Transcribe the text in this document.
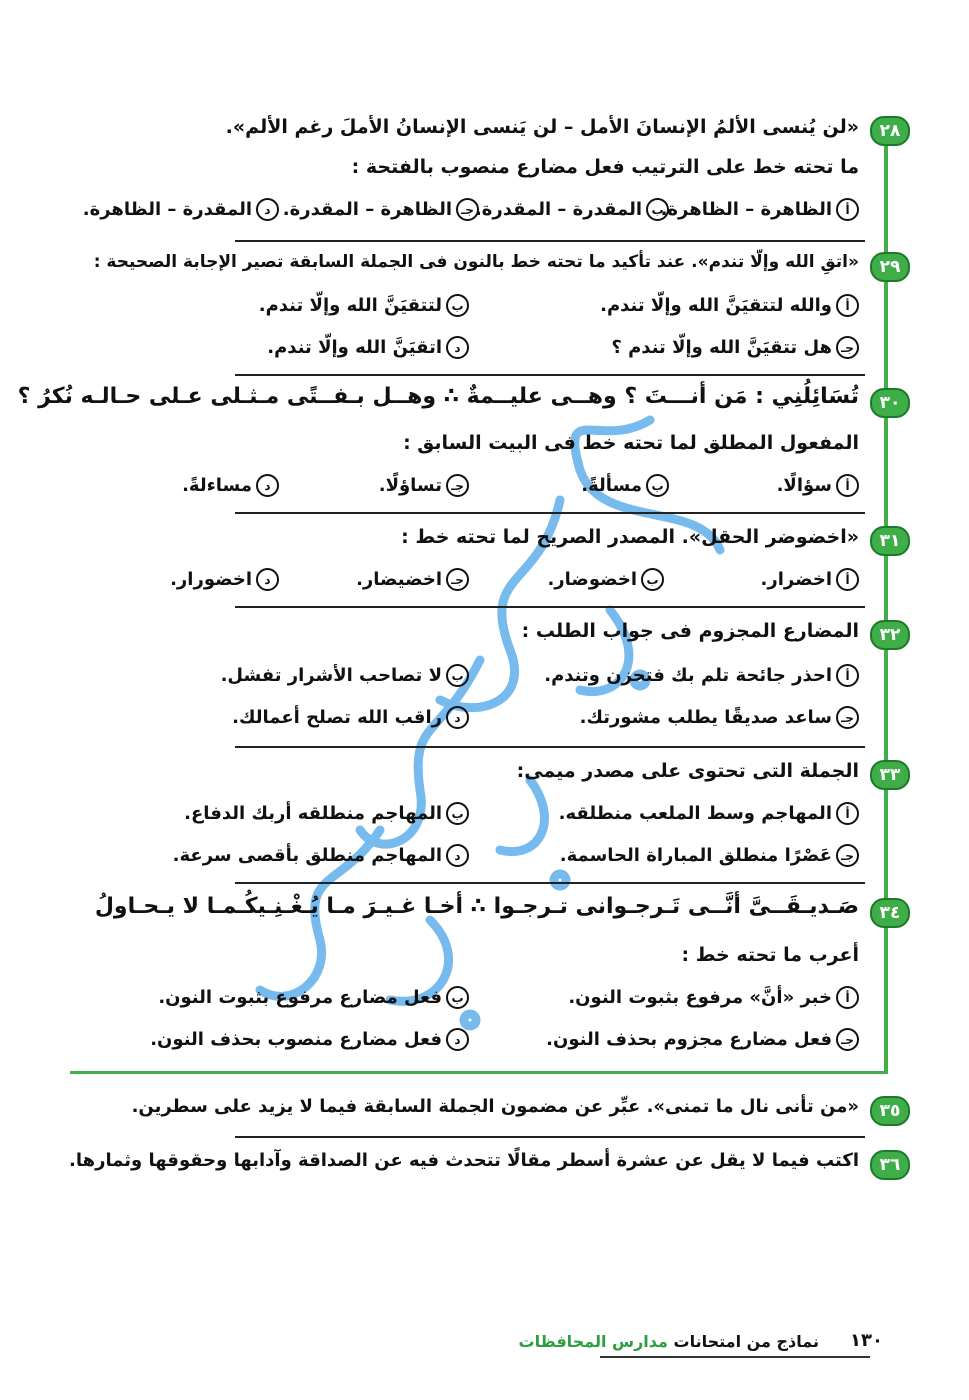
٢٨
«لن يُنسى الألمُ الإنسانَ الأمل – لن يَنسى الإنسانُ الأملَ رغم الألم».
ما تحته خط على الترتيب فعل مضارع منصوب بالفتحة :
أ
الظاهرة – الظاهرة.
ب
المقدرة – المقدرة.
جـ
الظاهرة – المقدرة.
د
المقدرة – الظاهرة.
٢٩
«اتقِ الله وإلّا تندم». عند تأكيد ما تحته خط بالنون فى الجملة السابقة تصير الإجابة الصحيحة :
أ
والله لتتقيَنَّ الله وإلّا تندم.
ب
لتتقيَنَّ الله وإلّا تندم.
جـ
هل تتقيَنَّ الله وإلّا تندم ؟
د
اتقيَنَّ الله وإلّا تندم.
٣٠
تُسَائِلُنِي : مَن أنـــتَ ؟ وهــى عليــمةٌ ∴ وهــل بـفــتًى مـثـلى عـلى حـالـه نُكرُ ؟
المفعول المطلق لما تحته خط فى البيت السابق :
أ
سؤالًا.
ب
مسألةً.
جـ
تساؤلًا.
د
مساءلةً.
٣١
«اخضوضر الحقل». المصدر الصريح لما تحته خط :
أ
اخضرار.
ب
اخضوضار.
جـ
اخضيضار.
د
اخضورار.
٣٢
المضارع المجزوم فى جواب الطلب :
أ
احذر جائحة تلم بك فتحزن وتندم.
ب
لا تصاحب الأشرار تفشل.
جـ
ساعد صديقًا يطلب مشورتك.
د
راقب الله تصلح أعمالك.
٣٣
الجملة التى تحتوى على مصدر ميمى:
أ
المهاجم وسط الملعب منطلقه.
ب
المهاجم منطلقه أربك الدفاع.
جـ
عَصْرًا منطلق المباراة الحاسمة.
د
المهاجم منطلق بأقصى سرعة.
٣٤
صَـديـقَــىَّ أنَّــى تَـرجـوانى تـرجـوا ∴ أخـا غـيـرَ مـا يُـغْـنِـيكُـمـا لا يـحـاولُ
أعرب ما تحته خط :
أ
خبر «أنَّ» مرفوع بثبوت النون.
ب
فعل مضارع مرفوع بثبوت النون.
جـ
فعل مضارع مجزوم بحذف النون.
د
فعل مضارع منصوب بحذف النون.
٣٥
«من تأنى نال ما تمنى». عبِّر عن مضمون الجملة السابقة فيما لا يزيد على سطرين.
٣٦
اكتب فيما لا يقل عن عشرة أسطر مقالًا تتحدث فيه عن الصداقة وآدابها وحقوقها وثمارها.
١٣٠
نماذج من امتحانات مدارس المحافظات
